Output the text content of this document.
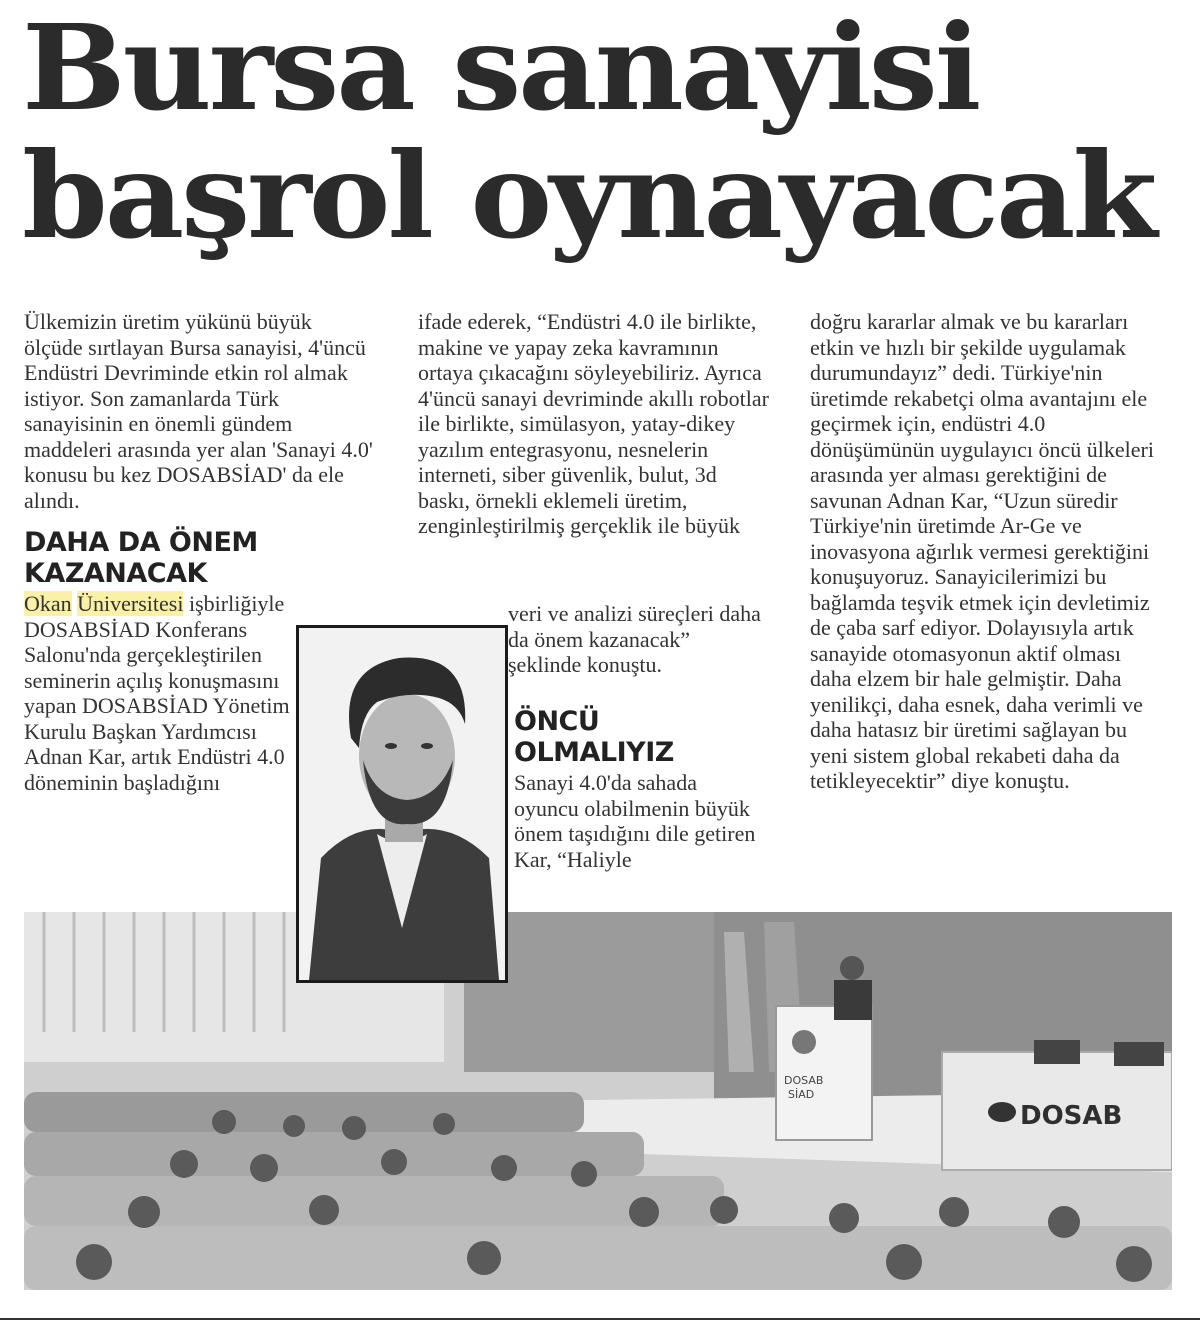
Bursa sanayisi
başrol oynayacak

Ülkemizin üretim yükünü büyük ölçüde sırtlayan Bursa sanayisi, 4'üncü Endüstri Devriminde etkin rol almak istiyor. Son zamanlarda Türk sanayisinin en önemli gündem maddeleri arasında yer alan 'Sanayi 4.0' konusu bu kez DOSABSİAD' da ele alındı.

DAHA DA ÖNEM
KAZANACAK

Okan Üniversitesi işbirliğiyle DOSABSİAD Konferans Salonu'nda gerçekleştirilen seminerin açılış konuşmasını yapan DOSABSİAD Yönetim Kurulu Başkan Yardımcısı Adnan Kar, artık Endüstri 4.0 döneminin başladığını

ifade ederek, “Endüstri 4.0 ile birlikte, makine ve yapay zeka kavramının ortaya çıkacağını söyleyebiliriz. Ayrıca 4'üncü sanayi devriminde akıllı robotlar ile birlikte, simülasyon, yatay-dikey yazılım entegrasyonu, nesnelerin interneti, siber güvenlik, bulut, 3d baskı, örnekli eklemeli üretim, zenginleştirilmiş gerçeklik ile büyük

veri ve analizi süreçleri daha da önem kazanacak” şeklinde konuştu.

ÖNCÜ
OLMALIYIZ

Sanayi 4.0'da sahada oyuncu olabilmenin büyük önem taşıdığını dile getiren Kar, “Haliyle

doğru kararlar almak ve bu kararları etkin ve hızlı bir şekilde uygulamak durumundayız” dedi. Türkiye'nin üretimde rekabetçi olma avantajını ele geçirmek için, endüstri 4.0 dönüşümünün uygulayıcı öncü ülkeleri arasında yer alması gerektiğini de savunan Adnan Kar, “Uzun süredir Türkiye'nin üretimde Ar-Ge ve inovasyona ağırlık vermesi gerektiğini konuşuyoruz. Sanayicilerimizi bu bağlamda teşvik etmek için devletimiz de çaba sarf ediyor. Dolayısıyla artık sanayide otomasyonun aktif olması daha elzem bir hale gelmiştir. Daha yenilikçi, daha esnek, daha verimli ve daha hatasız bir üretimi sağlayan bu yeni sistem global rekabeti daha da tetikleyecektir” diye konuştu.

DOSAB
SİAD
DOSAB
